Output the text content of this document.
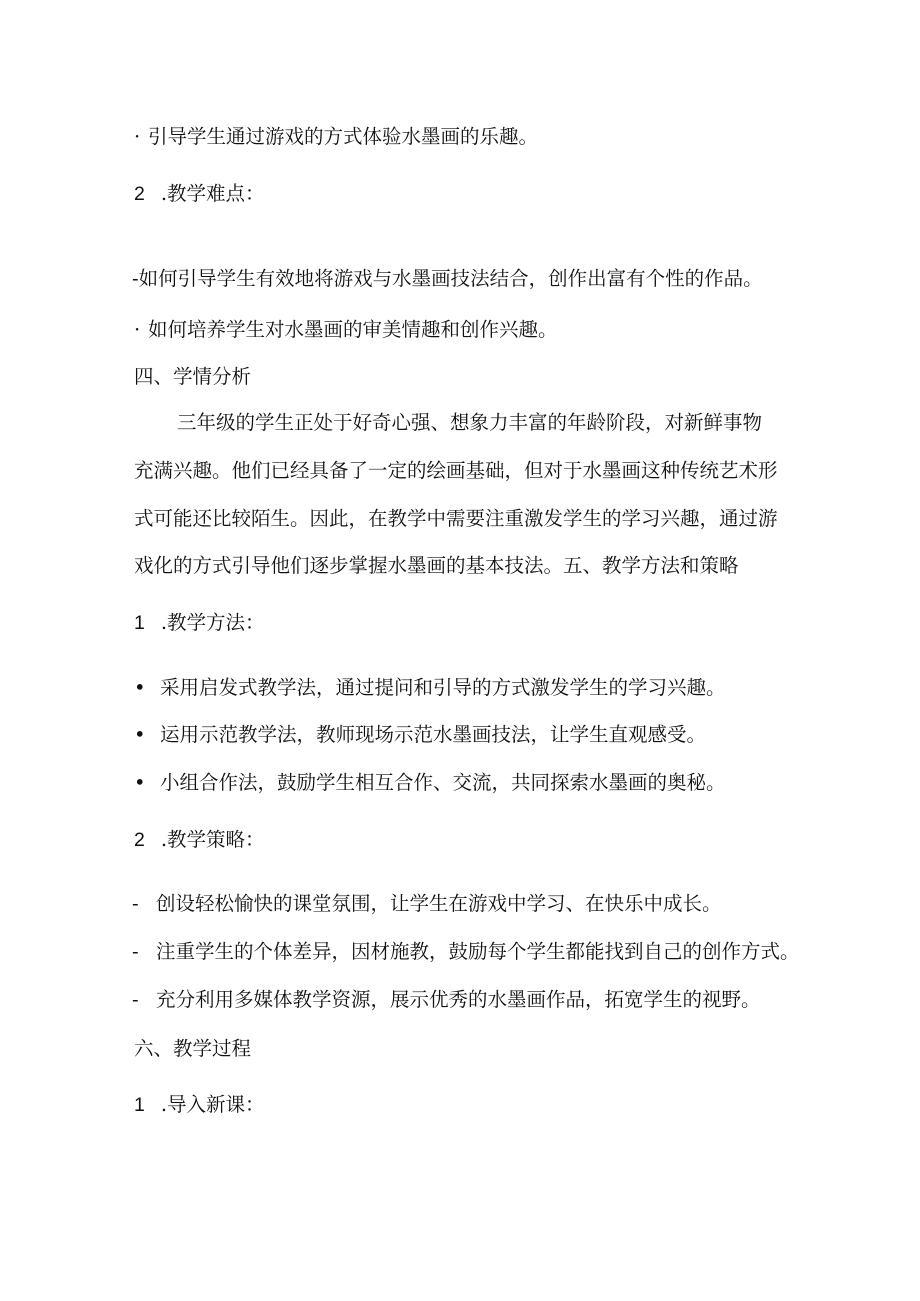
· 引导学生通过游戏的方式体验水墨画的乐趣。
2 .教学难点：
-如何引导学生有效地将游戏与水墨画技法结合，创作出富有个性的作品。
· 如何培养学生对水墨画的审美情趣和创作兴趣。
四、学情分析
三年级的学生正处于好奇心强、想象力丰富的年龄阶段，对新鲜事物
充满兴趣。他们已经具备了一定的绘画基础，但对于水墨画这种传统艺术形
式可能还比较陌生。因此，在教学中需要注重激发学生的学习兴趣，通过游
戏化的方式引导他们逐步掌握水墨画的基本技法。五、教学方法和策略
1 .教学方法：
• 采用启发式教学法，通过提问和引导的方式激发学生的学习兴趣。
• 运用示范教学法，教师现场示范水墨画技法，让学生直观感受。
• 小组合作法，鼓励学生相互合作、交流，共同探索水墨画的奥秘。
2 .教学策略：
- 创设轻松愉快的课堂氛围，让学生在游戏中学习、在快乐中成长。
- 注重学生的个体差异，因材施教，鼓励每个学生都能找到自己的创作方式。
- 充分利用多媒体教学资源，展示优秀的水墨画作品，拓宽学生的视野。
六、教学过程
1 .导入新课：
